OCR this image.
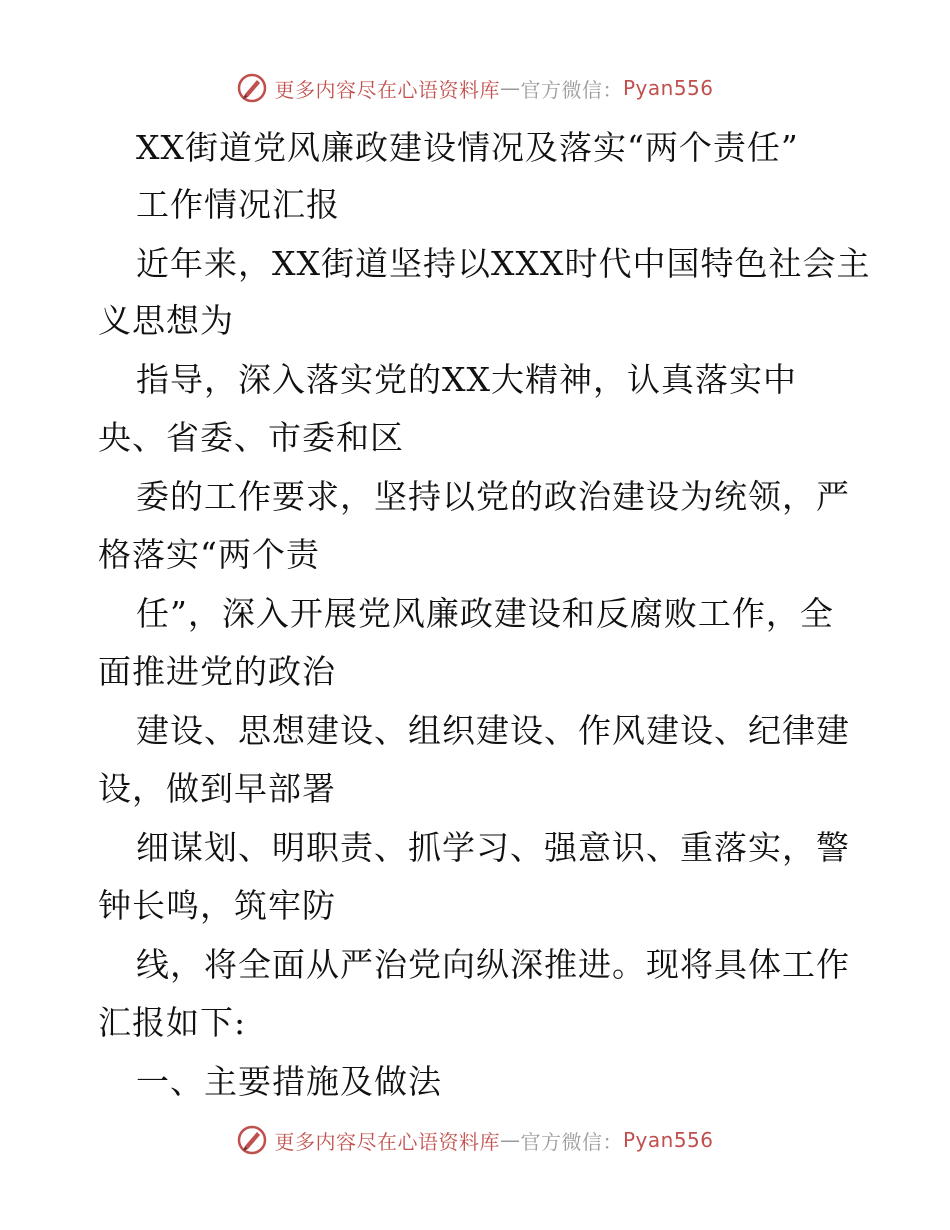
更多内容尽在心语资料库 — 官方微信： Pyan556
XX街道党风廉政建设情况及落实“两个责任”
工作情况汇报
近年来，XX街道坚持以XXX时代中国特色社会主
义思想为
指导，深入落实党的XX大精神，认真落实中
央、省委、市委和区
委的工作要求，坚持以党的政治建设为统领，严
格落实“两个责
任”，深入开展党风廉政建设和反腐败工作，全
面推进党的政治
建设、思想建设、组织建设、作风建设、纪律建
设，做到早部署
细谋划、明职责、抓学习、强意识、重落实，警
钟长鸣，筑牢防
线，将全面从严治党向纵深推进。现将具体工作
汇报如下:
一、主要措施及做法
更多内容尽在心语资料库 — 官方微信： Pyan556
